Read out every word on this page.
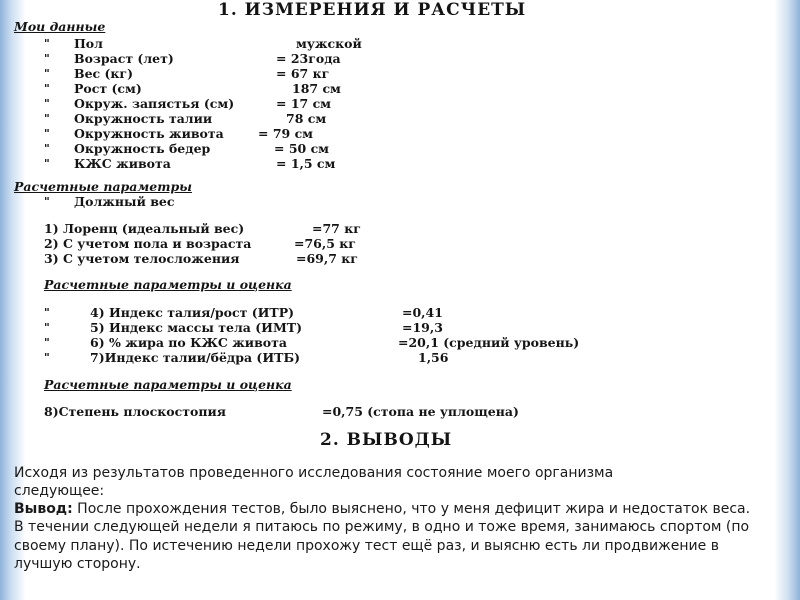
1. ИЗМЕРЕНИЯ И РАСЧЕТЫ
Мои данные
" Пол	мужской
" Возраст (лет)	= 23года
" Вес (кг)	= 67 кг
" Рост (см)	187 см
" Окруж. запястья (см)	= 17 см
" Окружность талии	78 см
" Окружность живота	= 79 см
" Окружность бедер	= 50 см
" КЖС живота	= 1,5 см
Расчетные параметры
" Должный вес
1) Лоренц (идеальный вес)	=77 кг
2) С учетом пола и возраста	=76,5 кг
3) С учетом телосложения	=69,7 кг
Расчетные параметры и оценка
"	4) Индекс талия/рост (ИТР)	=0,41
"	5) Индекс массы тела (ИМТ)	=19,3
"	6) % жира по КЖС живота	=20,1 (средний уровень)
"	7)Индекс талии/бёдра (ИТБ)	1,56
Расчетные параметры и оценка
8)Степень плоскостопия	=0,75 (стопа не уплощена)
2. ВЫВОДЫ
Исходя из результатов проведенного исследования состояние моего организма следующее:
Вывод: После прохождения тестов, было выяснено, что у меня дефицит жира и недостаток веса. В течении следующей недели я питаюсь по режиму, в одно и тоже время, занимаюсь спортом (по своему плану). По истечению недели прохожу тест ещё раз, и выясню есть ли продвижение в лучшую сторону.
